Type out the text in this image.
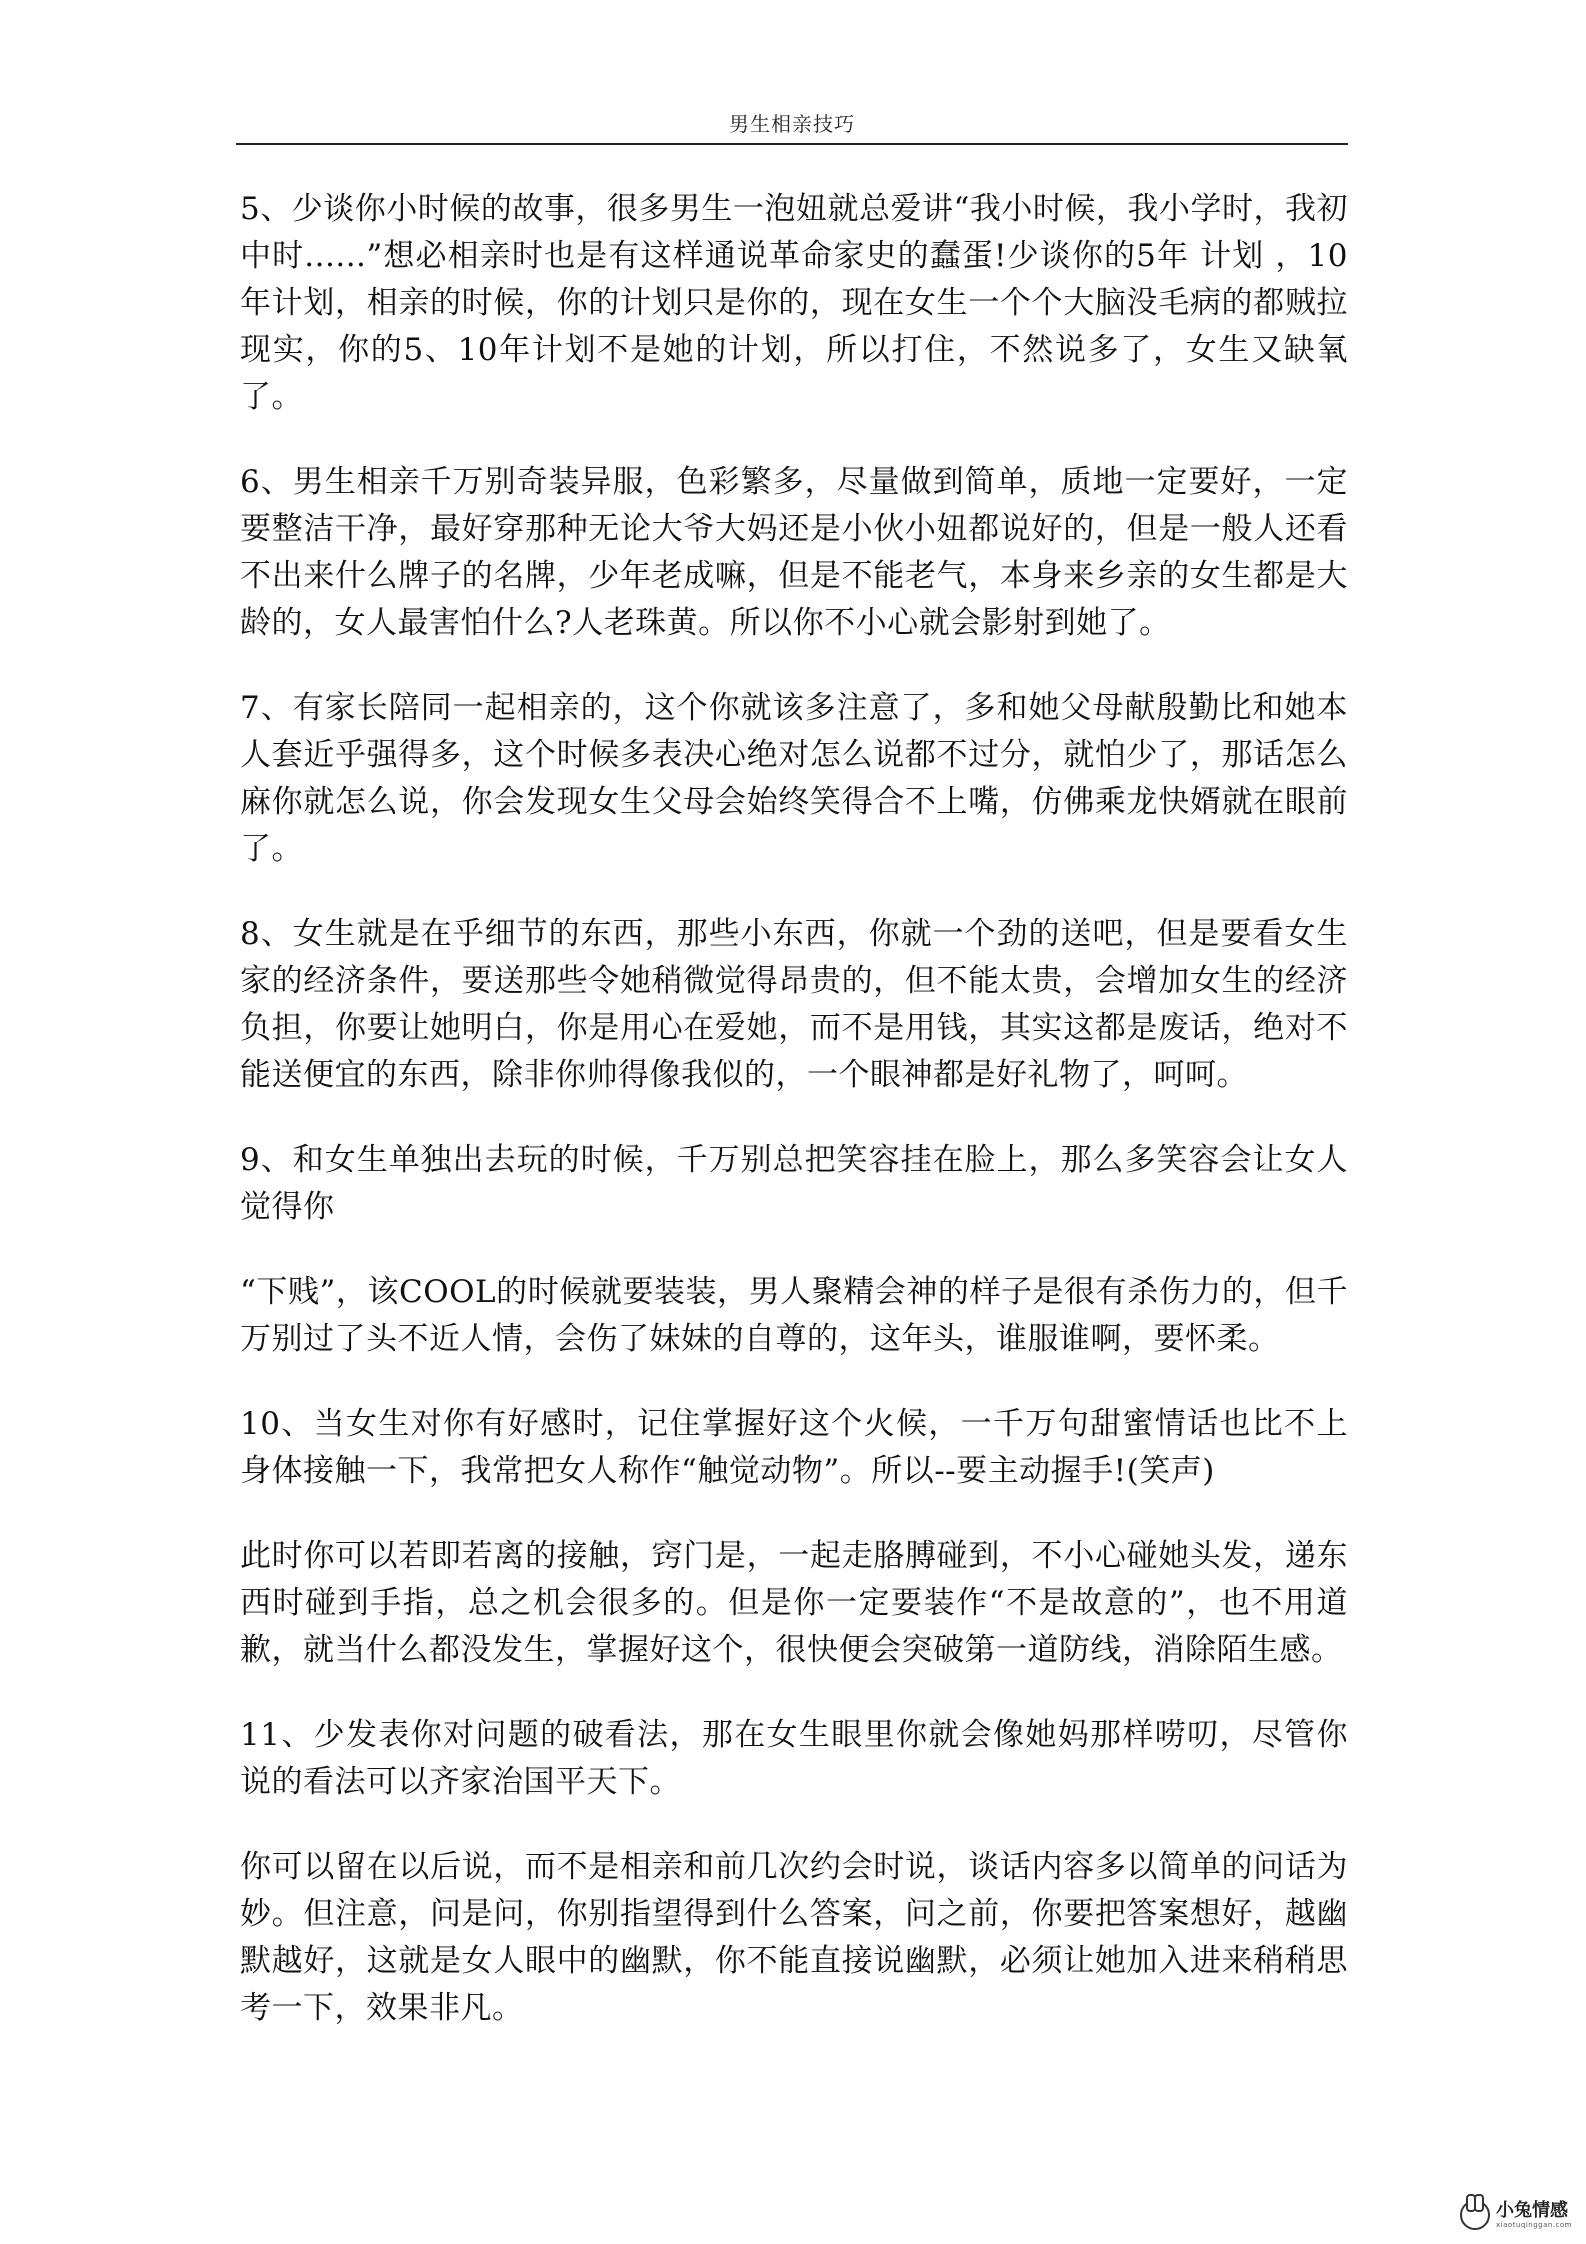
男生相亲技巧

5、少谈你小时候的故事，很多男生一泡妞就总爱讲“我小时候，我小学时，我初中时......”想必相亲时也是有这样通说革命家史的蠢蛋!少谈你的5年 计划 ，10年计划，相亲的时候，你的计划只是你的，现在女生一个个大脑没毛病的都贼拉现实，你的5、10年计划不是她的计划，所以打住，不然说多了，女生又缺氧了。

6、男生相亲千万别奇装异服，色彩繁多，尽量做到简单，质地一定要好，一定要整洁干净，最好穿那种无论大爷大妈还是小伙小妞都说好的，但是一般人还看不出来什么牌子的名牌，少年老成嘛，但是不能老气，本身来乡亲的女生都是大龄的，女人最害怕什么?人老珠黄。所以你不小心就会影射到她了。

7、有家长陪同一起相亲的，这个你就该多注意了，多和她父母献殷勤比和她本人套近乎强得多，这个时候多表决心绝对怎么说都不过分，就怕少了，那话怎么麻你就怎么说，你会发现女生父母会始终笑得合不上嘴，仿佛乘龙快婿就在眼前了。

8、女生就是在乎细节的东西，那些小东西，你就一个劲的送吧，但是要看女生家的经济条件，要送那些令她稍微觉得昂贵的，但不能太贵，会增加女生的经济负担，你要让她明白，你是用心在爱她，而不是用钱，其实这都是废话，绝对不能送便宜的东西，除非你帅得像我似的，一个眼神都是好礼物了，呵呵。

9、和女生单独出去玩的时候，千万别总把笑容挂在脸上，那么多笑容会让女人觉得你

“下贱”，该COOL的时候就要装装，男人聚精会神的样子是很有杀伤力的，但千万别过了头不近人情，会伤了妹妹的自尊的，这年头，谁服谁啊，要怀柔。

10、当女生对你有好感时，记住掌握好这个火候，一千万句甜蜜情话也比不上身体接触一下，我常把女人称作“触觉动物”。所以--要主动握手!(笑声)

此时你可以若即若离的接触，窍门是，一起走胳膊碰到，不小心碰她头发，递东西时碰到手指，总之机会很多的。但是你一定要装作“不是故意的”，也不用道歉，就当什么都没发生，掌握好这个，很快便会突破第一道防线，消除陌生感。

11、少发表你对问题的破看法，那在女生眼里你就会像她妈那样唠叨，尽管你说的看法可以齐家治国平天下。

你可以留在以后说，而不是相亲和前几次约会时说，谈话内容多以简单的问话为妙。但注意，问是问，你别指望得到什么答案，问之前，你要把答案想好，越幽默越好，这就是女人眼中的幽默，你不能直接说幽默，必须让她加入进来稍稍思考一下，效果非凡。

小兔情感
xiaotuqinggan.com
